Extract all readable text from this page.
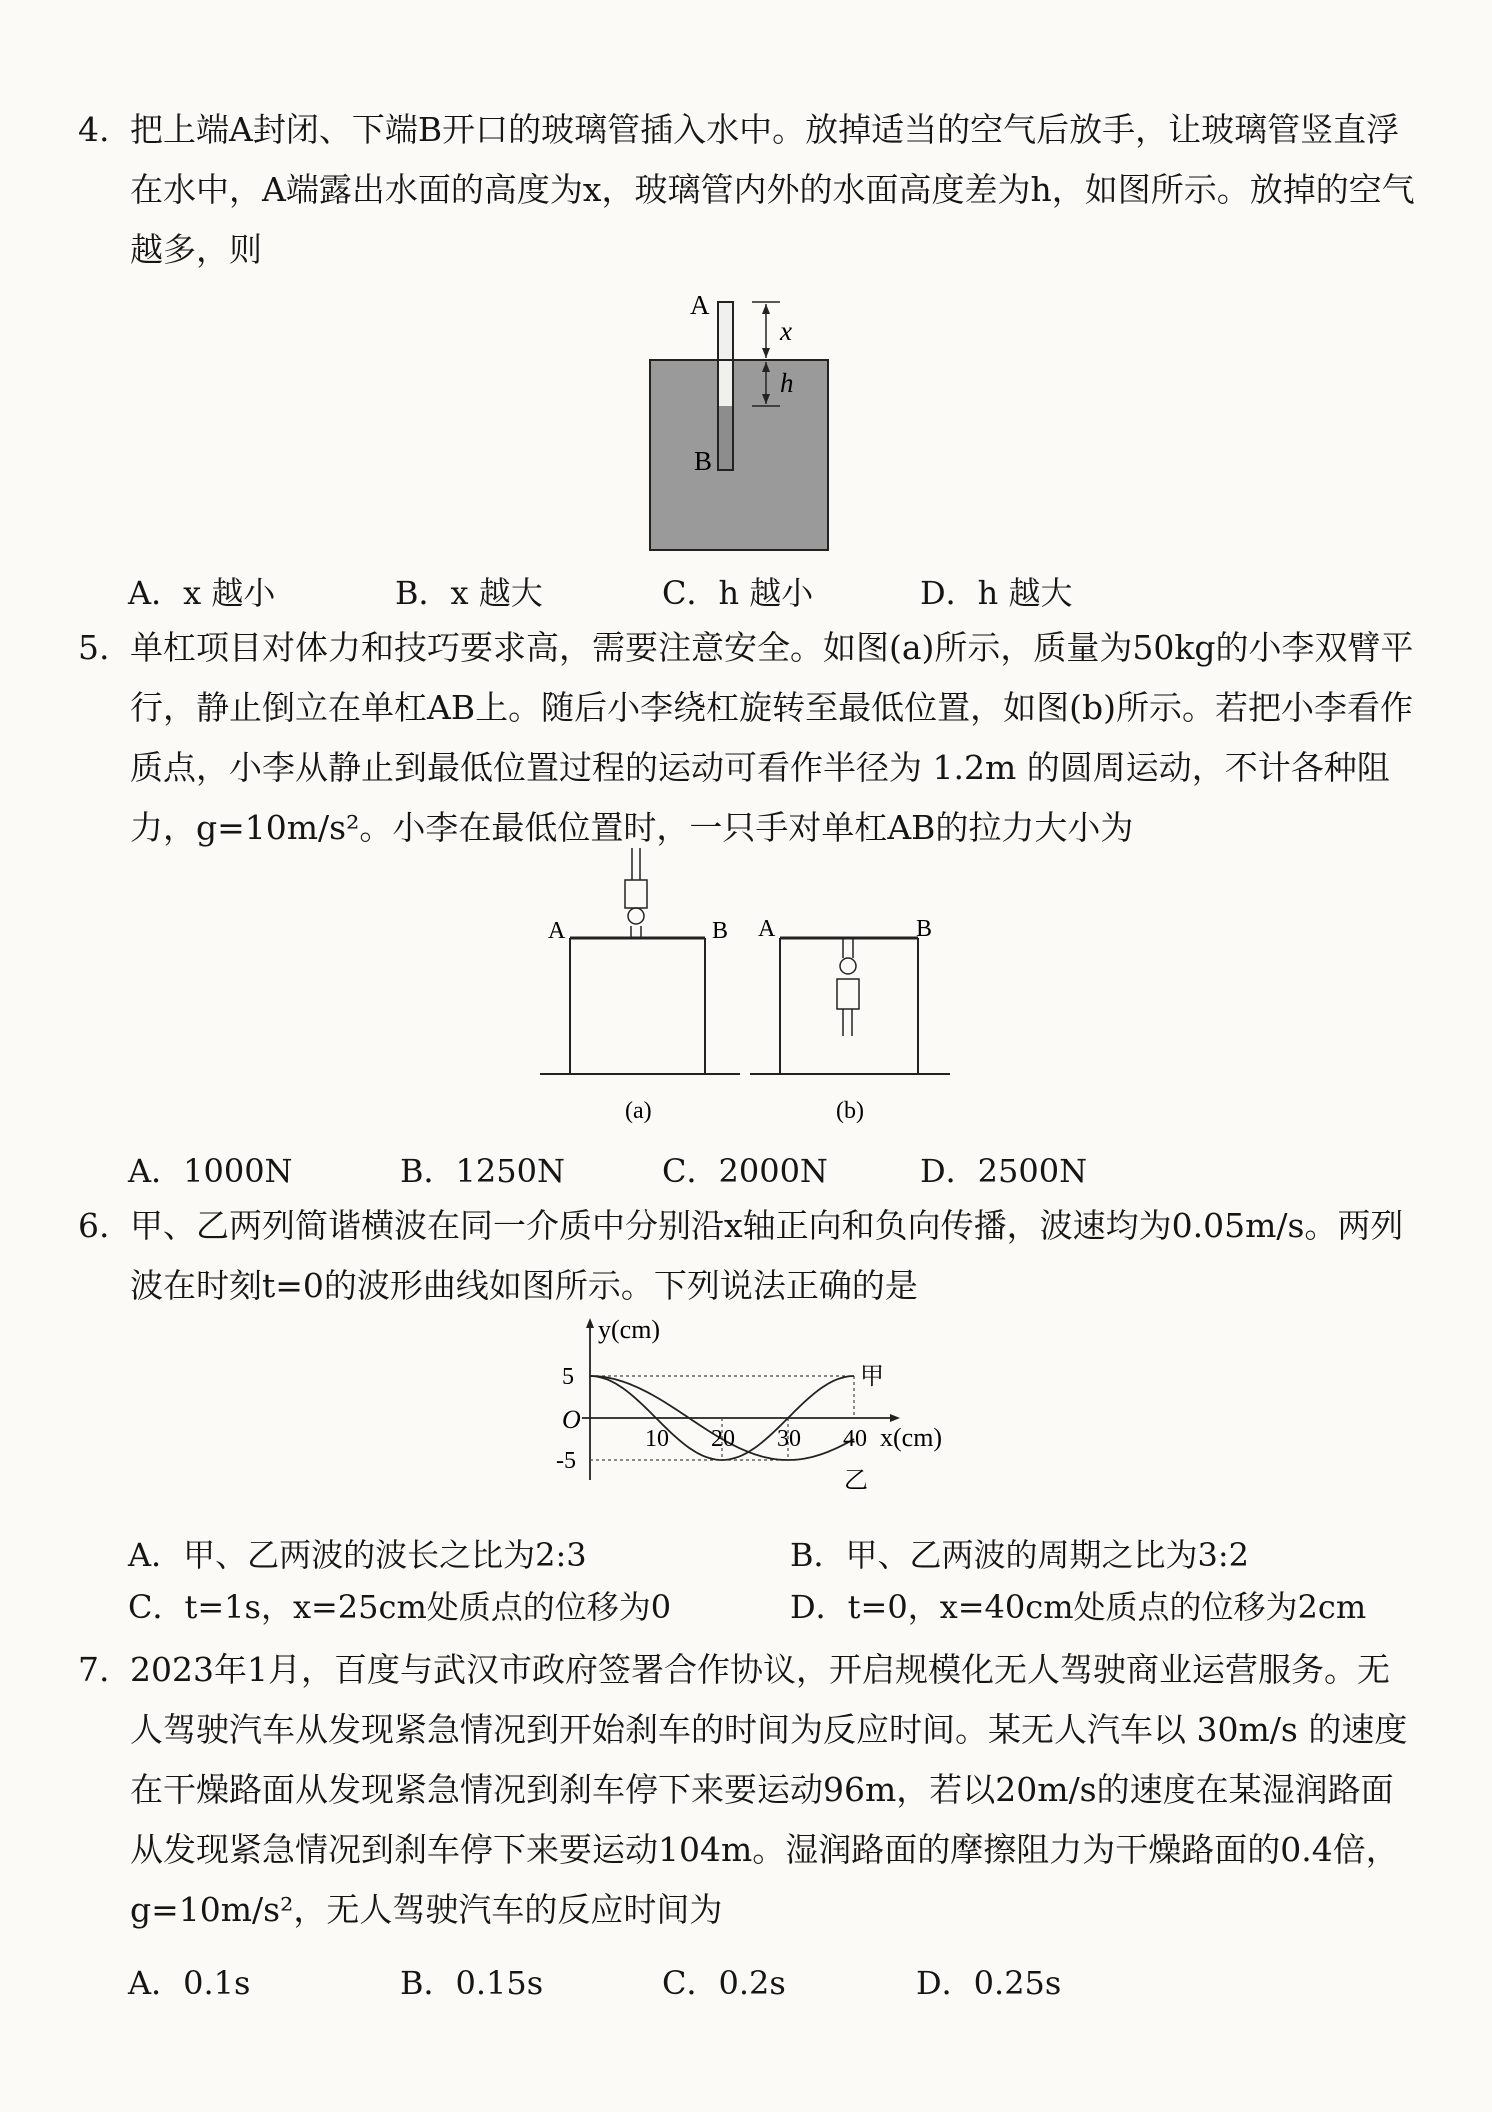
4. 把上端A封闭、下端B开口的玻璃管插入水中。放掉适当的空气后放手，让玻璃管竖直浮在水中，A端露出水面的高度为x，玻璃管内外的水面高度差为h，如图所示。放掉的空气越多，则
A
B
x
h
A．x 越小	B．x 越大	C．h 越小	D．h 越大
5. 单杠项目对体力和技巧要求高，需要注意安全。如图(a)所示，质量为50kg的小李双臂平行，静止倒立在单杠AB上。随后小李绕杠旋转至最低位置，如图(b)所示。若把小李看作质点，小李从静止到最低位置过程的运动可看作半径为 1.2m 的圆周运动，不计各种阻力，g=10m/s²。小李在最低位置时，一只手对单杠AB的拉力大小为
A	B
(a)
A	B
(b)
A．1000N	B．1250N	C．2000N	D．2500N
6. 甲、乙两列简谐横波在同一介质中分别沿x轴正向和负向传播，波速均为0.05m/s。两列波在时刻t=0的波形曲线如图所示。下列说法正确的是
10 20 30 40
5
-5
O
y(cm)
x(cm)
甲
乙
A．甲、乙两波的波长之比为2:3	B．甲、乙两波的周期之比为3:2
C．t=1s，x=25cm处质点的位移为0	D．t=0，x=40cm处质点的位移为2cm
7. 2023年1月，百度与武汉市政府签署合作协议，开启规模化无人驾驶商业运营服务。无人驾驶汽车从发现紧急情况到开始刹车的时间为反应时间。某无人汽车以 30m/s 的速度在干燥路面从发现紧急情况到刹车停下来要运动96m，若以20m/s的速度在某湿润路面从发现紧急情况到刹车停下来要运动104m。湿润路面的摩擦阻力为干燥路面的0.4倍，g=10m/s²，无人驾驶汽车的反应时间为
A．0.1s	B．0.15s	C．0.2s	D．0.25s
